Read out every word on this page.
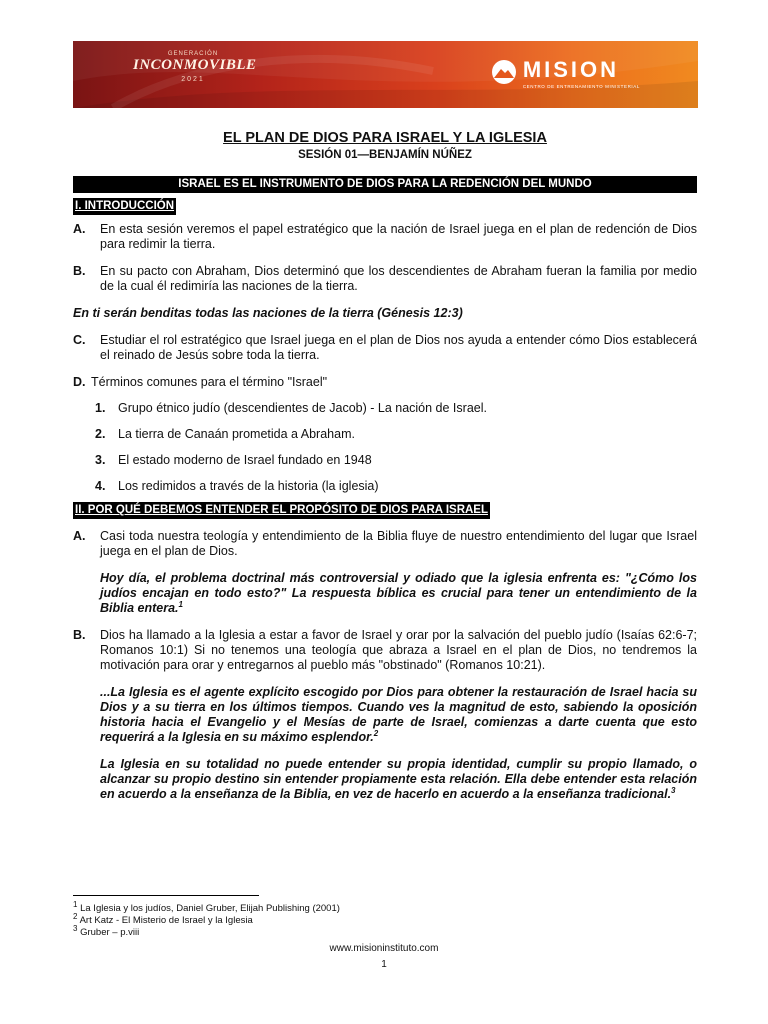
GENERACIÓN
INCONMOVIBLE
2021	MISION
CENTRO DE ENTRENAMIENTO MINISTERIAL

EL PLAN DE DIOS PARA ISRAEL Y LA IGLESIA

SESIÓN 01—BENJAMÍN NÚÑEZ

ISRAEL ES EL INSTRUMENTO DE DIOS PARA LA REDENCIÓN DEL MUNDO
I. INTRODUCCIÓN
A.	En esta sesión veremos el papel estratégico que la nación de Israel juega en el plan de redención de Dios para redimir la tierra.
B.	En su pacto con Abraham, Dios determinó que los descendientes de Abraham fueran la familia por medio de la cual él redimiría las naciones de la tierra.
En ti serán benditas todas las naciones de la tierra (Génesis 12:3)
C.	Estudiar el rol estratégico que Israel juega en el plan de Dios nos ayuda a entender cómo Dios establecerá el reinado de Jesús sobre toda la tierra.
D. Términos comunes para el término "Israel"
1.	Grupo étnico judío (descendientes de Jacob) - La nación de Israel.
2.	La tierra de Canaán prometida a Abraham.
3.	El estado moderno de Israel fundado en 1948
4.	Los redimidos a través de la historia (la iglesia)
II. POR QUÉ DEBEMOS ENTENDER EL PROPÓSITO DE DIOS PARA ISRAEL
A.	Casi toda nuestra teología y entendimiento de la Biblia fluye de nuestro entendimiento del lugar que Israel juega en el plan de Dios.
Hoy día, el problema doctrinal más controversial y odiado que la iglesia enfrenta es: "¿Cómo los judíos encajan en todo esto?" La respuesta bíblica es crucial para tener un entendimiento de la Biblia entera.$^1$
B.	Dios ha llamado a la Iglesia a estar a favor de Israel y orar por la salvación del pueblo judío (Isaías 62:6-7; Romanos 10:1) Si no tenemos una teología que abraza a Israel en el plan de Dios, no tendremos la motivación para orar y entregarnos al pueblo más "obstinado" (Romanos 10:21).
...La Iglesia es el agente explícito escogido por Dios para obtener la restauración de Israel hacia su Dios y a su tierra en los últimos tiempos. Cuando ves la magnitud de esto, sabiendo la oposición historia hacia el Evangelio y el Mesías de parte de Israel, comienzas a darte cuenta que esto requerirá a la Iglesia en su máximo esplendor.$^2$
La Iglesia en su totalidad no puede entender su propia identidad, cumplir su propio llamado, o alcanzar su propio destino sin entender propiamente esta relación. Ella debe entender esta relación en acuerdo a la enseñanza de la Biblia, en vez de hacerlo en acuerdo a la enseñanza tradicional.$^3$
$^1$ La Iglesia y los judíos, Daniel Gruber, Elijah Publishing (2001)
$^2$ Art Katz - El Misterio de Israel y la Iglesia
$^3$ Gruber – p.viii
www.misioninstituto.com
1
